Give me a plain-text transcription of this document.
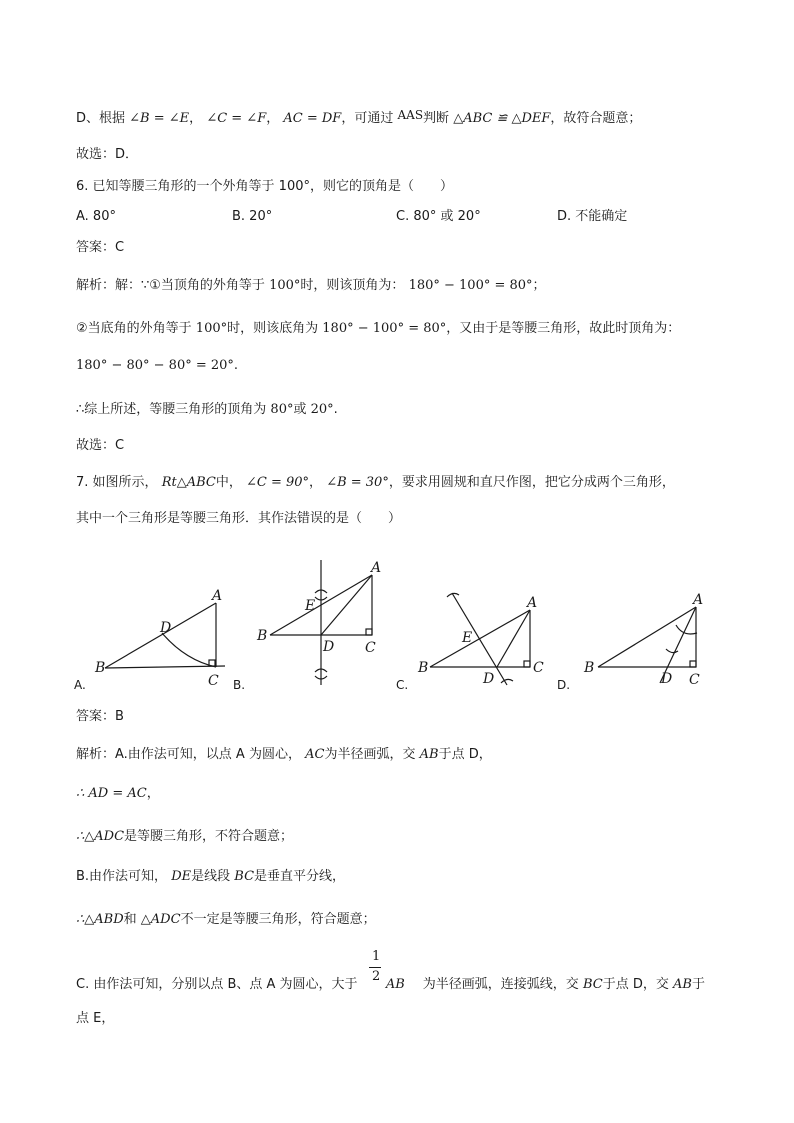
D、根据 ∠B = ∠E， ∠C = ∠F， AC = DF，可通过 AAS判断 △ABC ≌ △DEF，故符合题意；
故选：D．
6. 已知等腰三角形的一个外角等于 100°，则它的顶角是（　　）
A. 80°	B. 20°	C. 80° 或 20°	D. 不能确定
答案：C
解析：解：∵①当顶角的外角等于 100°时，则该顶角为： 180° − 100° = 80°；
②当底角的外角等于 100°时，则该底角为 180° − 100° = 80°，又由于是等腰三角形，故此时顶角为：
180° − 80° − 80° = 20°.
∴综上所述，等腰三角形的顶角为 80°或 20°.
故选：C
7. 如图所示， Rt△ABC中， ∠C = 90°， ∠B = 30°，要求用圆规和直尺作图，把它分成两个三角形，
其中一个三角形是等腰三角形．其作法错误的是（　　）
A
B
C
D
A.
A
B
C
D
E
B.
A
B	C
D
E
C.
A
B
C
D
D.
答案：B
解析：A.由作法可知，以点 A 为圆心， AC为半径画弧，交 AB于点 D，
∴ AD = AC，
∴△ADC是等腰三角形，不符合题意；
B.由作法可知， DE是线段 BC是垂直平分线，
∴△ABD和 △ADC不一定是等腰三角形，符合题意；
C. 由作法可知，分别以点 B、点 A 为圆心，大于 AB 为半径画弧，连接弧线，交 BC于点 D，交 AB于
1
2
点 E，
